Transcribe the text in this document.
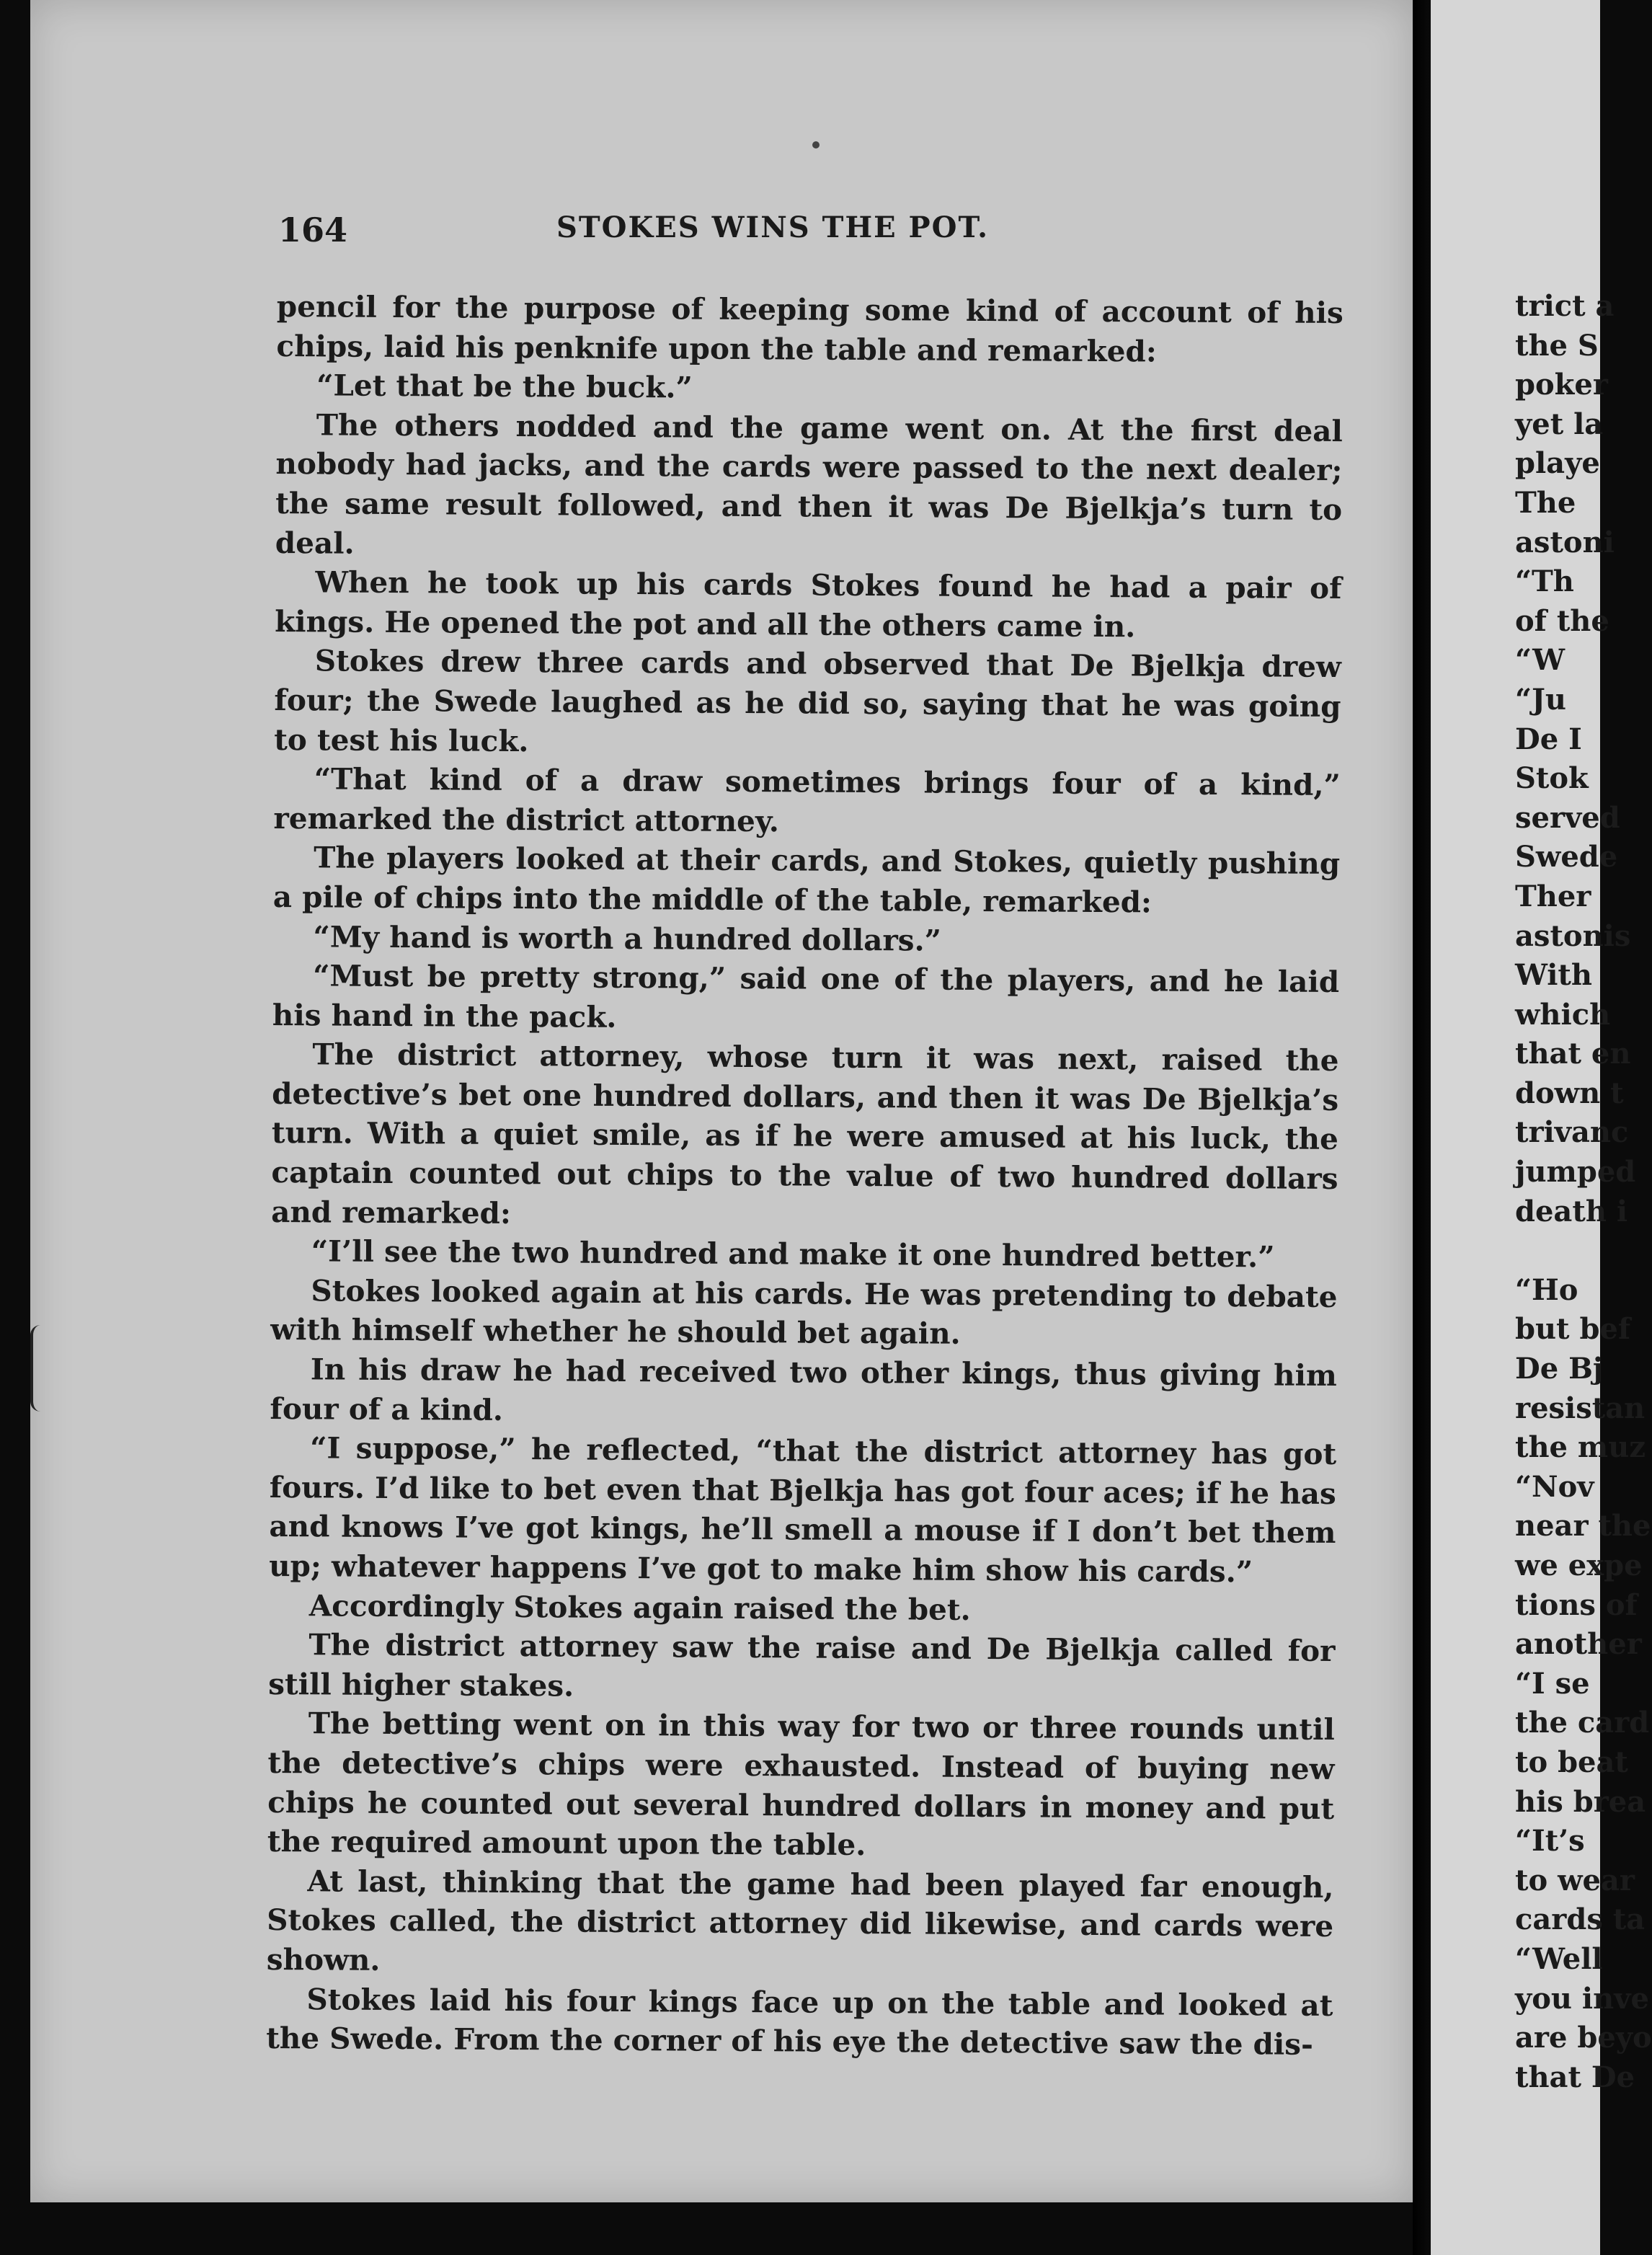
164	STOKES WINS THE POT.

pencil for the purpose of keeping some kind of account of his chips, laid his penknife upon the table and remarked:

“Let that be the buck.”

The others nodded and the game went on. At the first deal nobody had jacks, and the cards were passed to the next dealer; the same result followed, and then it was De Bjelkja’s turn to deal.

When he took up his cards Stokes found he had a pair of kings. He opened the pot and all the others came in.

Stokes drew three cards and observed that De Bjelkja drew four; the Swede laughed as he did so, saying that he was going to test his luck.

“That kind of a draw sometimes brings four of a kind,” remarked the district attorney.

The players looked at their cards, and Stokes, quietly pushing a pile of chips into the middle of the table, remarked:

“My hand is worth a hundred dollars.”

“Must be pretty strong,” said one of the players, and he laid his hand in the pack.

The district attorney, whose turn it was next, raised the detective’s bet one hundred dollars, and then it was De Bjelkja’s turn. With a quiet smile, as if he were amused at his luck, the captain counted out chips to the value of two hundred dollars and remarked:

“I’ll see the two hundred and make it one hundred better.”

Stokes looked again at his cards. He was pretending to debate with himself whether he should bet again.

In his draw he had received two other kings, thus giving him four of a kind.

“I suppose,” he reflected, “that the district attorney has got fours. I’d like to bet even that Bjelkja has got four aces; if he has and knows I’ve got kings, he’ll smell a mouse if I don’t bet them up; whatever happens I’ve got to make him show his cards.”

Accordingly Stokes again raised the bet.

The district attorney saw the raise and De Bjelkja called for still higher stakes.

The betting went on in this way for two or three rounds until the detective’s chips were exhausted. Instead of buying new chips he counted out several hundred dollars in money and put the required amount upon the table.

At last, thinking that the game had been played far enough, Stokes called, the district attorney did likewise, and cards were shown.

Stokes laid his four kings face up on the table and looked at the Swede. From the corner of his eye the detective saw the dis-

trict a
the S
poker
yet la
playe
The
astoni
“Th
of the
“W
“Ju
De I
Stok
served
Swede
Ther
astonis
With
which
that en
down t
trivanc
jumped
death i
“Ho
but bef
De Bj
resistan
the muz
“Nov
near the
we expe
tions of
another
“I se
the card
to beat
his brea
“It’s
to wear
cards ta
“Well
you inve
are beyo
that De
